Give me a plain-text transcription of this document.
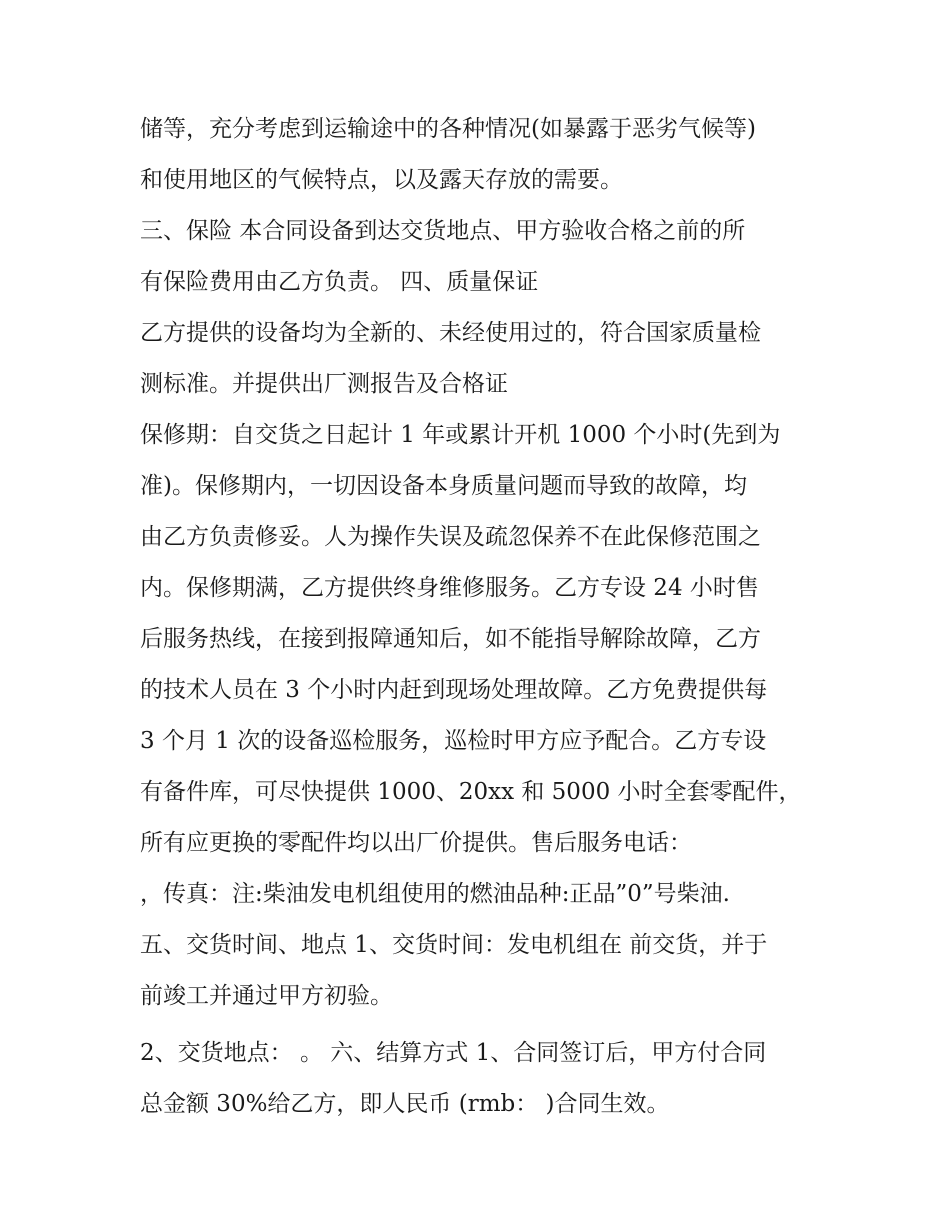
储等，充分考虑到运输途中的各种情况(如暴露于恶劣气候等)
和使用地区的气候特点，以及露天存放的需要。
三、保险 本合同设备到达交货地点、甲方验收合格之前的所
有保险费用由乙方负责。 四、质量保证
乙方提供的设备均为全新的、未经使用过的，符合国家质量检
测标准。并提供出厂测报告及合格证
保修期：自交货之日起计 1 年或累计开机 1000 个小时(先到为
准)。保修期内，一切因设备本身质量问题而导致的故障，均
由乙方负责修妥。人为操作失误及疏忽保养不在此保修范围之
内。保修期满，乙方提供终身维修服务。乙方专设 24 小时售
后服务热线，在接到报障通知后，如不能指导解除故障，乙方
的技术人员在 3 个小时内赶到现场处理故障。乙方免费提供每
3 个月 1 次的设备巡检服务，巡检时甲方应予配合。乙方专设
有备件库，可尽快提供 1000、20xx 和 5000 小时全套零配件，
所有应更换的零配件均以出厂价提供。售后服务电话：
，传真：注:柴油发电机组使用的燃油品种:正品”0”号柴油.
五、交货时间、地点 1、交货时间：发电机组在 前交货，并于
前竣工并通过甲方初验。
2、交货地点： 。 六、结算方式 1、合同签订后，甲方付合同
总金额 30%给乙方，即人民币 (rmb： )合同生效。
